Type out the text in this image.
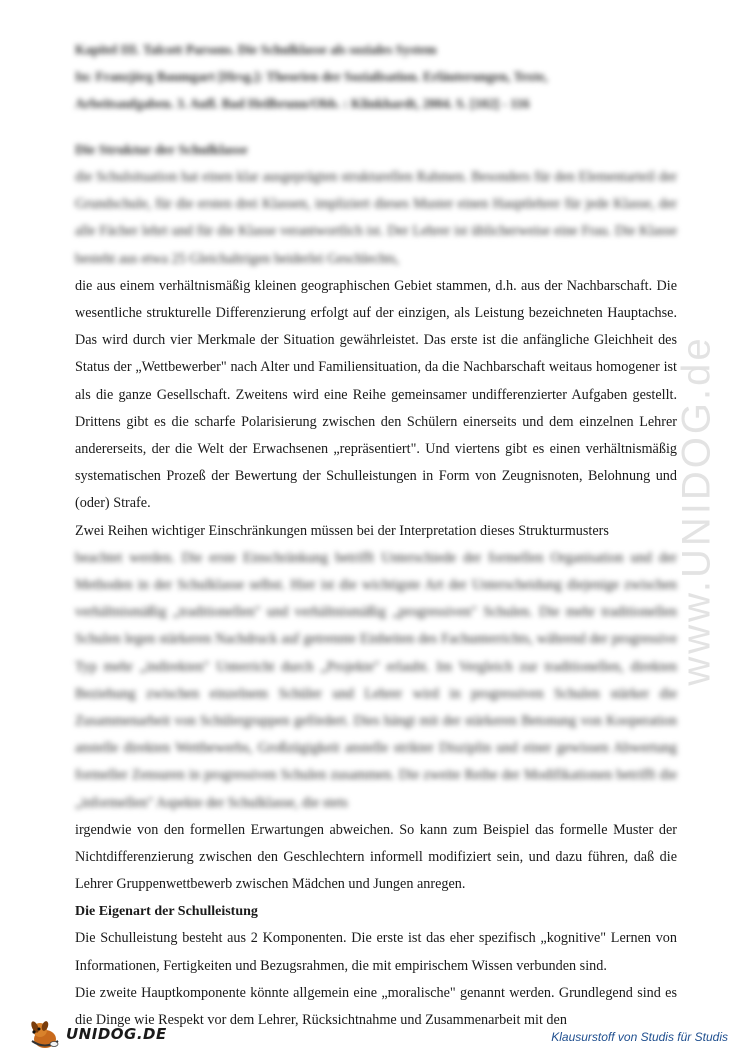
www.UNIDOG.de
Kapitel III. Talcott Parsons. Die Schulklasse als soziales System
In: Franzjörg Baumgart [Hrsg.]: Theorien der Sozialisation. Erläuterungen, Texte,
Arbeitsaufgaben. 3. Aufl. Bad Heilbrunn/Obb. : Klinkhardt, 2004. S. [102] - 116
Die Struktur der Schulklasse

die Schulsituation hat einen klar ausgeprägten strukturellen Rahmen. Besonders für den Elementarteil der Grundschule, für die ersten drei Klassen, impliziert dieses Muster einen Hauptlehrer für jede Klasse, der alle Fächer lehrt und für die Klasse verantwortlich ist. Der Lehrer ist üblicherweise eine Frau. Die Klasse besteht aus etwa 25 Gleichaltrigen beiderlei Geschlechts,

die aus einem verhältnismäßig kleinen geographischen Gebiet stammen, d.h. aus der Nachbarschaft. Die wesentliche strukturelle Differenzierung erfolgt auf der einzigen, als Leistung bezeichneten Hauptachse. Das wird durch vier Merkmale der Situation gewährleistet. Das erste ist die anfängliche Gleichheit des Status der „Wettbewerber" nach Alter und Familiensituation, da die Nachbarschaft weitaus homogener ist als die ganze Gesellschaft. Zweitens wird eine Reihe gemeinsamer undifferenzierter Aufgaben gestellt. Drittens gibt es die scharfe Polarisierung zwischen den Schülern einerseits und dem einzelnen Lehrer andererseits, der die Welt der Erwachsenen „repräsentiert". Und viertens gibt es einen verhältnismäßig systematischen Prozeß der Bewertung der Schulleistungen in Form von Zeugnisnoten, Belohnung und (oder) Strafe.

Zwei Reihen wichtiger Einschränkungen müssen bei der Interpretation dieses Strukturmusters

beachtet werden. Die erste Einschränkung betrifft Unterschiede der formellen Organisation und der Methoden in der Schulklasse selbst. Hier ist die wichtigste Art der Unterscheidung diejenige zwischen verhältnismäßig „traditionellen" und verhältnismäßig „progressiven" Schulen. Die mehr traditionellen Schulen legen stärkeren Nachdruck auf getrennte Einheiten des Fachunterrichts, während der progressive Typ mehr „indirekten" Unterricht durch „Projekte" erlaubt. Im Vergleich zur traditionellen, direkten Beziehung zwischen einzelnem Schüler und Lehrer wird in progressiven Schulen stärker die Zusammenarbeit von Schülergruppen gefördert. Dies hängt mit der stärkeren Betonung von Kooperation anstelle direkten Wettbewerbs, Großzügigkeit anstelle strikter Disziplin und einer gewissen Abwertung formeller Zensuren in progressiven Schulen zusammen. Die zweite Reihe der Modifikationen betrifft die „informellen" Aspekte der Schulklasse, die stets

irgendwie von den formellen Erwartungen abweichen. So kann zum Beispiel das formelle Muster der Nichtdifferenzierung zwischen den Geschlechtern informell modifiziert sein, und dazu führen, daß die Lehrer Gruppenwettbewerb zwischen Mädchen und Jungen anregen.

Die Eigenart der Schulleistung

Die Schulleistung besteht aus 2 Komponenten. Die erste ist das eher spezifisch „kognitive" Lernen von Informationen, Fertigkeiten und Bezugsrahmen, die mit empirischem Wissen verbunden sind.

Die zweite Hauptkomponente könnte allgemein eine „moralische" genannt werden. Grundlegend sind es die Dinge wie Respekt vor dem Lehrer, Rücksichtnahme und Zusammenarbeit mit den

UNIDOG.DE	Klausurstoff von Studis für Studis
